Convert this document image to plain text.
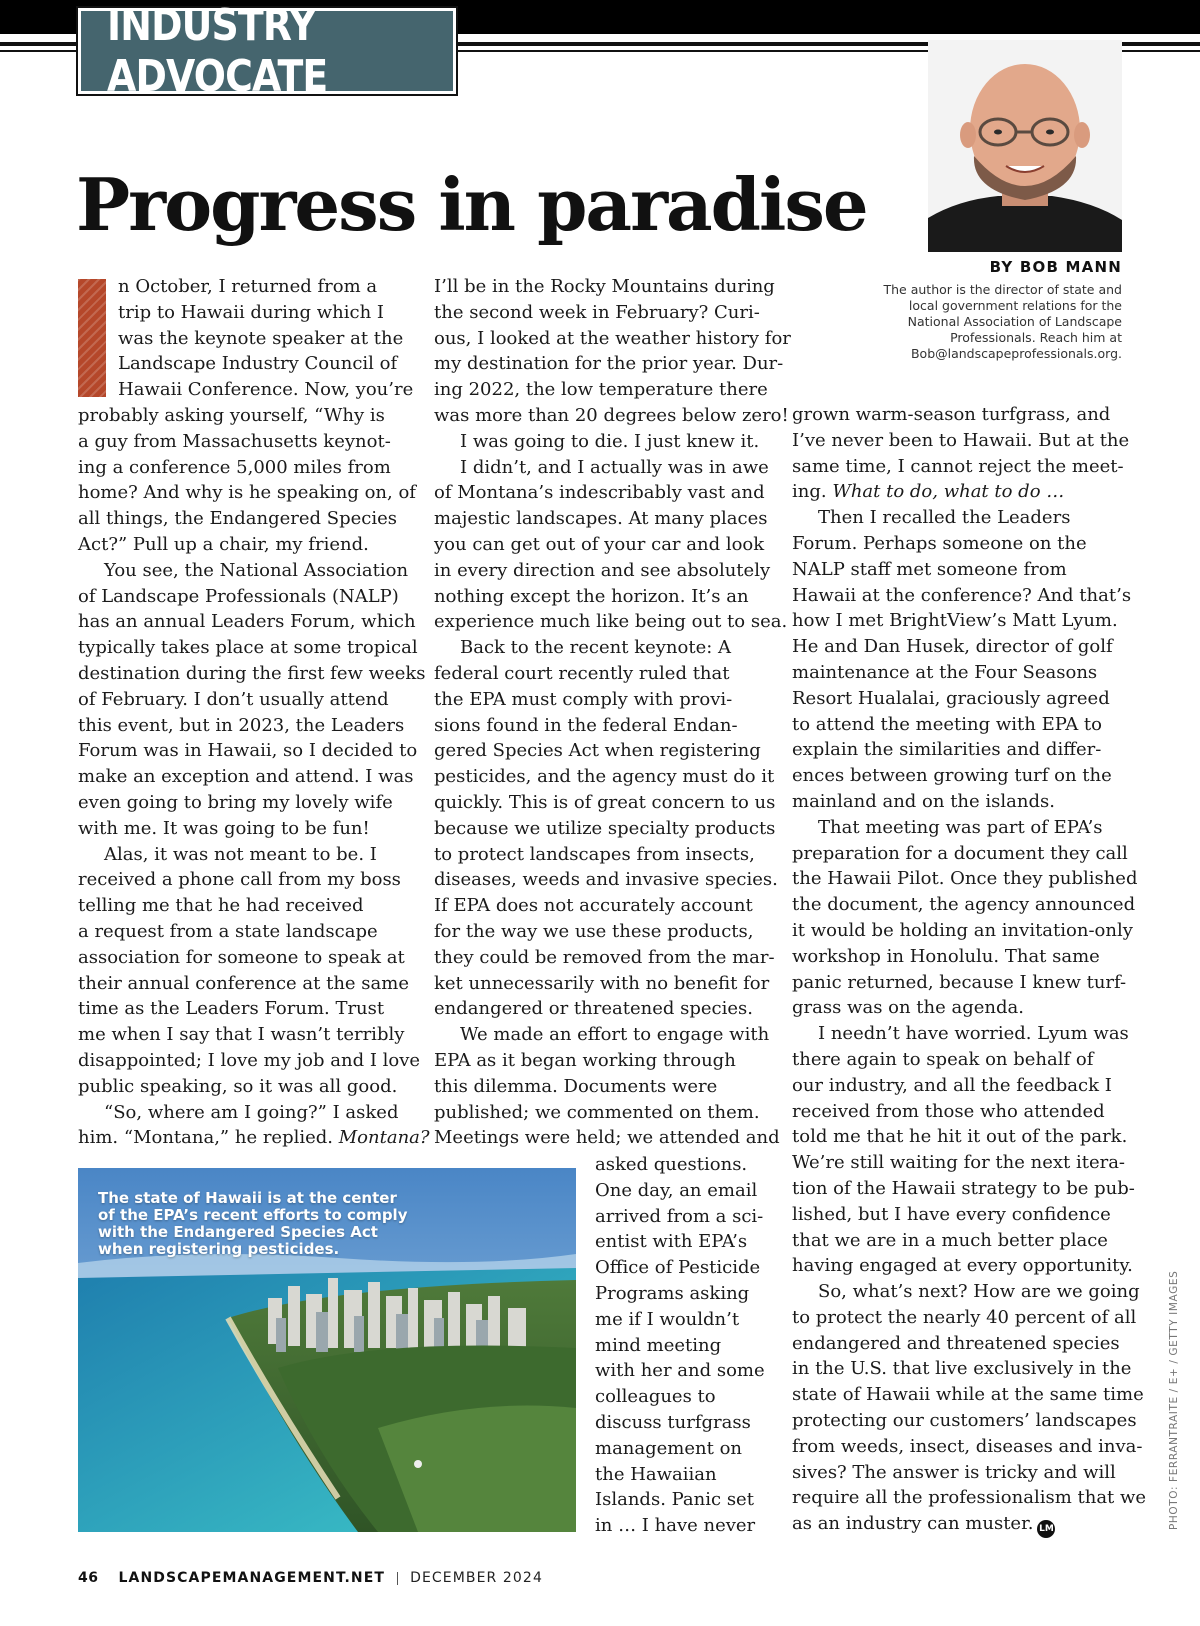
INDUSTRY ADVOCATE
Progress in paradise
BY BOB MANN
The author is the director of state and
local government relations for the
National Association of Landscape
Professionals. Reach him at
Bob@landscapeprofessionals.org.
n October, I returned from a
trip to Hawaii during which I
was the keynote speaker at the
Landscape Industry Council of
Hawaii Conference. Now, you’re
probably asking yourself, “Why is
a guy from Massachusetts keynot-
ing a conference 5,000 miles from
home? And why is he speaking on, of
all things, the Endangered Species
Act?” Pull up a chair, my friend.
You see, the National Association
of Landscape Professionals (NALP)
has an annual Leaders Forum, which
typically takes place at some tropical
destination during the first few weeks
of February. I don’t usually attend
this event, but in 2023, the Leaders
Forum was in Hawaii, so I decided to
make an exception and attend. I was
even going to bring my lovely wife
with me. It was going to be fun!
Alas, it was not meant to be. I
received a phone call from my boss
telling me that he had received
a request from a state landscape
association for someone to speak at
their annual conference at the same
time as the Leaders Forum. Trust
me when I say that I wasn’t terribly
disappointed; I love my job and I love
public speaking, so it was all good.
“So, where am I going?” I asked
him. “Montana,” he replied. Montana?
I’ll be in the Rocky Mountains during
the second week in February? Curi-
ous, I looked at the weather history for
my destination for the prior year. Dur-
ing 2022, the low temperature there
was more than 20 degrees below zero!
I was going to die. I just knew it.
I didn’t, and I actually was in awe
of Montana’s indescribably vast and
majestic landscapes. At many places
you can get out of your car and look
in every direction and see absolutely
nothing except the horizon. It’s an
experience much like being out to sea.
Back to the recent keynote: A
federal court recently ruled that
the EPA must comply with provi-
sions found in the federal Endan-
gered Species Act when registering
pesticides, and the agency must do it
quickly. This is of great concern to us
because we utilize specialty products
to protect landscapes from insects,
diseases, weeds and invasive species.
If EPA does not accurately account
for the way we use these products,
they could be removed from the mar-
ket unnecessarily with no benefit for
endangered or threatened species.
We made an effort to engage with
EPA as it began working through
this dilemma. Documents were
published; we commented on them.
Meetings were held; we attended and
asked questions.
One day, an email
arrived from a sci-
entist with EPA’s
Office of Pesticide
Programs asking
me if I wouldn’t
mind meeting
with her and some
colleagues to
discuss turfgrass
management on
the Hawaiian
Islands. Panic set
in … I have never
grown warm-season turfgrass, and
I’ve never been to Hawaii. But at the
same time, I cannot reject the meet-
ing. What to do, what to do …
Then I recalled the Leaders
Forum. Perhaps someone on the
NALP staff met someone from
Hawaii at the conference? And that’s
how I met BrightView’s Matt Lyum.
He and Dan Husek, director of golf
maintenance at the Four Seasons
Resort Hualalai, graciously agreed
to attend the meeting with EPA to
explain the similarities and differ-
ences between growing turf on the
mainland and on the islands.
That meeting was part of EPA’s
preparation for a document they call
the Hawaii Pilot. Once they published
the document, the agency announced
it would be holding an invitation-only
workshop in Honolulu. That same
panic returned, because I knew turf-
grass was on the agenda.
I needn’t have worried. Lyum was
there again to speak on behalf of
our industry, and all the feedback I
received from those who attended
told me that he hit it out of the park.
We’re still waiting for the next itera-
tion of the Hawaii strategy to be pub-
lished, but I have every confidence
that we are in a much better place
having engaged at every opportunity.
So, what’s next? How are we going
to protect the nearly 40 percent of all
endangered and threatened species
in the U.S. that live exclusively in the
state of Hawaii while at the same time
protecting our customers’ landscapes
from weeds, insect, diseases and inva-
sives? The answer is tricky and will
require all the professionalism that we
as an industry can muster. LM
The state of Hawaii is at the center
of the EPA’s recent efforts to comply
with the Endangered Species Act
when registering pesticides.
PHOTO: FERRANTRAITE / E+ / GETTY IMAGES
46 LANDSCAPEMANAGEMENT.NET DECEMBER 2024
